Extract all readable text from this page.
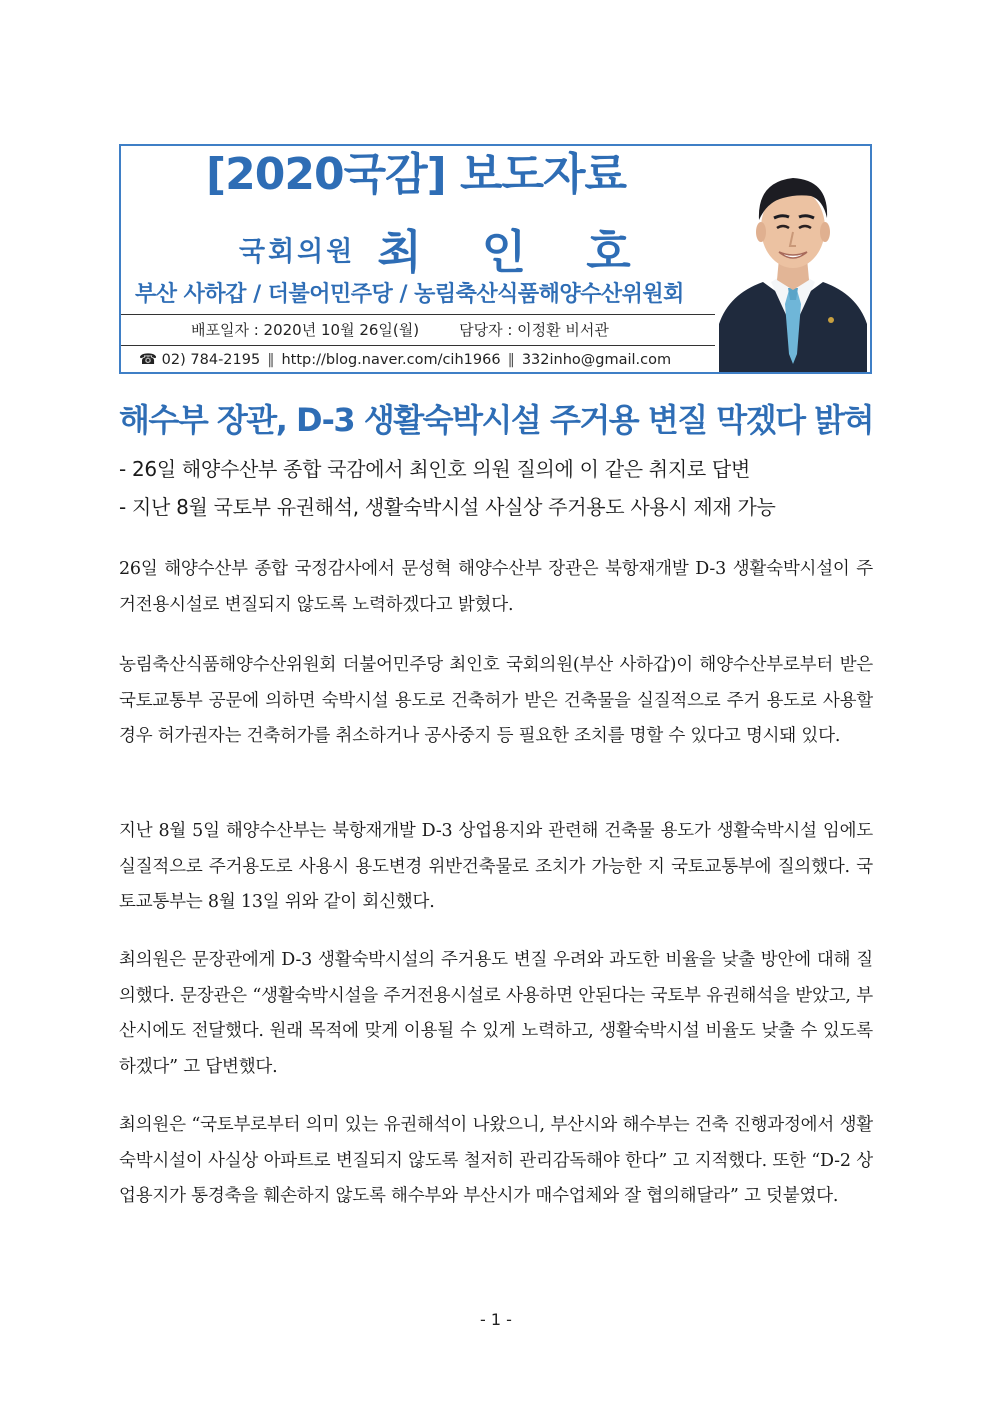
[2020국감] 보도자료
국회의원 최 인 호
부산 사하갑 / 더불어민주당 / 농림축산식품해양수산위원회
배포일자 : 2020년 10월 26일(월)	담당자 : 이정환 비서관
☎ 02) 784-2195 ‖ http://blog.naver.com/cih1966 ‖ 332inho@gmail.com
해수부 장관, D-3 생활숙박시설 주거용 변질 막겠다 밝혀
- 26일 해양수산부 종합 국감에서 최인호 의원 질의에 이 같은 취지로 답변
- 지난 8월 국토부 유권해석, 생활숙박시설 사실상 주거용도 사용시 제재 가능

26일 해양수산부 종합 국정감사에서 문성혁 해양수산부 장관은 북항재개발 D-3 생활숙박시설이 주거전용시설로 변질되지 않도록 노력하겠다고 밝혔다.

농림축산식품해양수산위원회 더불어민주당 최인호 국회의원(부산 사하갑)이 해양수산부로부터 받은 국토교통부 공문에 의하면 숙박시설 용도로 건축허가 받은 건축물을 실질적으로 주거 용도로 사용할 경우 허가권자는 건축허가를 취소하거나 공사중지 등 필요한 조치를 명할 수 있다고 명시돼 있다.

지난 8월 5일 해양수산부는 북항재개발 D-3 상업용지와 관련해 건축물 용도가 생활숙박시설 임에도 실질적으로 주거용도로 사용시 용도변경 위반건축물로 조치가 가능한 지 국토교통부에 질의했다. 국토교통부는 8월 13일 위와 같이 회신했다.

최의원은 문장관에게 D-3 생활숙박시설의 주거용도 변질 우려와 과도한 비율을 낮출 방안에 대해 질의했다. 문장관은 “생활숙박시설을 주거전용시설로 사용하면 안된다는 국토부 유권해석을 받았고, 부산시에도 전달했다. 원래 목적에 맞게 이용될 수 있게 노력하고, 생활숙박시설 비율도 낮출 수 있도록 하겠다” 고 답변했다.

최의원은 “국토부로부터 의미 있는 유권해석이 나왔으니, 부산시와 해수부는 건축 진행과정에서 생활숙박시설이 사실상 아파트로 변질되지 않도록 철저히 관리감독해야 한다” 고 지적했다. 또한 “D-2 상업용지가 통경축을 훼손하지 않도록 해수부와 부산시가 매수업체와 잘 협의해달라” 고 덧붙였다.

- 1 -
